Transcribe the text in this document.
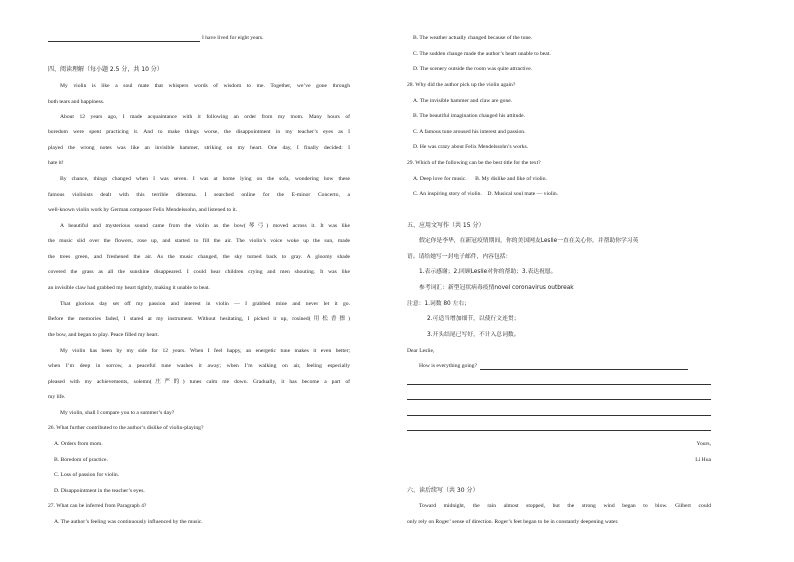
I have lived for eight years.
四、阅读理解（每小题 2.5 分，共 10 分）
My violin is like a soul mate that whispers words of wisdom to me. Together, we’ve gone through
both tears and happiness.
About 12 years ago, I made acquaintance with it following an order from my mom. Many hours of
boredom were spent practicing it. And to make things worse, the disappointment in my teacher’s eyes as I
played the wrong notes was like an invisible hammer, striking on my heart. One day, I finally decided: I
hate it!
By chance, things changed when I was seven. I was at home lying on the sofa, wondering how these
famous violinists dealt with this terrible dilemma. I searched online for the E-minor Concerto, a
well-known violin work by German composer Felix Mendelssohn, and listened to it.
A beautiful and mysterious sound came from the violin as the bow(琴弓) moved across it. It was like
the music slid over the flowers, rose up, and started to fill the air. The violin’s voice woke up the sun, made
the trees green, and freshened the air. As the music changed, the sky turned back to gray. A gloomy shade
covered the grass as all the sunshine disappeared. I could hear children crying and men shouting. It was like
an invisible claw had grabbed my heart tightly, making it unable to beat.
That glorious day set off my passion and interest in violin — I grabbed mine and never let it go.
Before the memories faded, I stared at my instrument. Without hesitating, I picked it up, rosined(用松香擦)
the bow, and began to play. Peace filled my heart.
My violin has been by my side for 12 years. When I feel happy, an energetic tune makes it even better;
when I’m deep in sorrow, a peaceful tune washes it away; when I’m walking on air, feeling especially
pleased with my achievements, solemn(庄严的) tunes calm me down. Gradually, it has become a part of
my life.
My violin, shall I compare you to a summer’s day?
26. What further contributed to the author’s dislike of violin-playing?
A. Orders from mom.
B. Boredom of practice.
C. Loss of passion for violin.
D. Disappointment in the teacher’s eyes.
27. What can be inferred from Paragraph 4?
A. The author’s feeling was continuously influenced by the music.
B. The weather actually changed because of the tune.
C. The sudden change made the author’s heart unable to beat.
D. The scenery outside the room was quite attractive.
28. Why did the author pick up the violin again?
A. The invisible hammer and claw are gone.
B. The beautiful imagination changed his attitude.
C. A famous tune aroused his interest and passion.
D. He was crazy about Felix Mendelssohn’s works.
29. Which of the following can be the best title for the text?
A. Deep love for music.      B. My dislike and like of violin.
C. An inspiring story of violin.    D. Musical soul mate — violin.
五、应用文写作（共 15 分）
假定你是李华，在新冠疫情期间，你的美国网友Leslie一直在关心你，并帮助你学习英
语。请给她写一封电子邮件，内容包括：
1.表示感谢；2.回顾Leslie对你的帮助；3.表达祝愿。
参考词汇：新型冠状病毒疫情novel coronavirus outbreak
注意：1.词数 80 左右；
2.可适当增加细节，以使行文连贯；
3.开头结尾已写好，不计入总词数。
Dear Leslie,
How is everything going?
Yours,
Li Hua
六、读后续写（共 30 分）
Toward midnight, the rain almost stopped, but the strong wind began to blow. Gilbert could
only rely on Roger’ sense of direction. Roger’s feet began to be in constantly deepening water.
